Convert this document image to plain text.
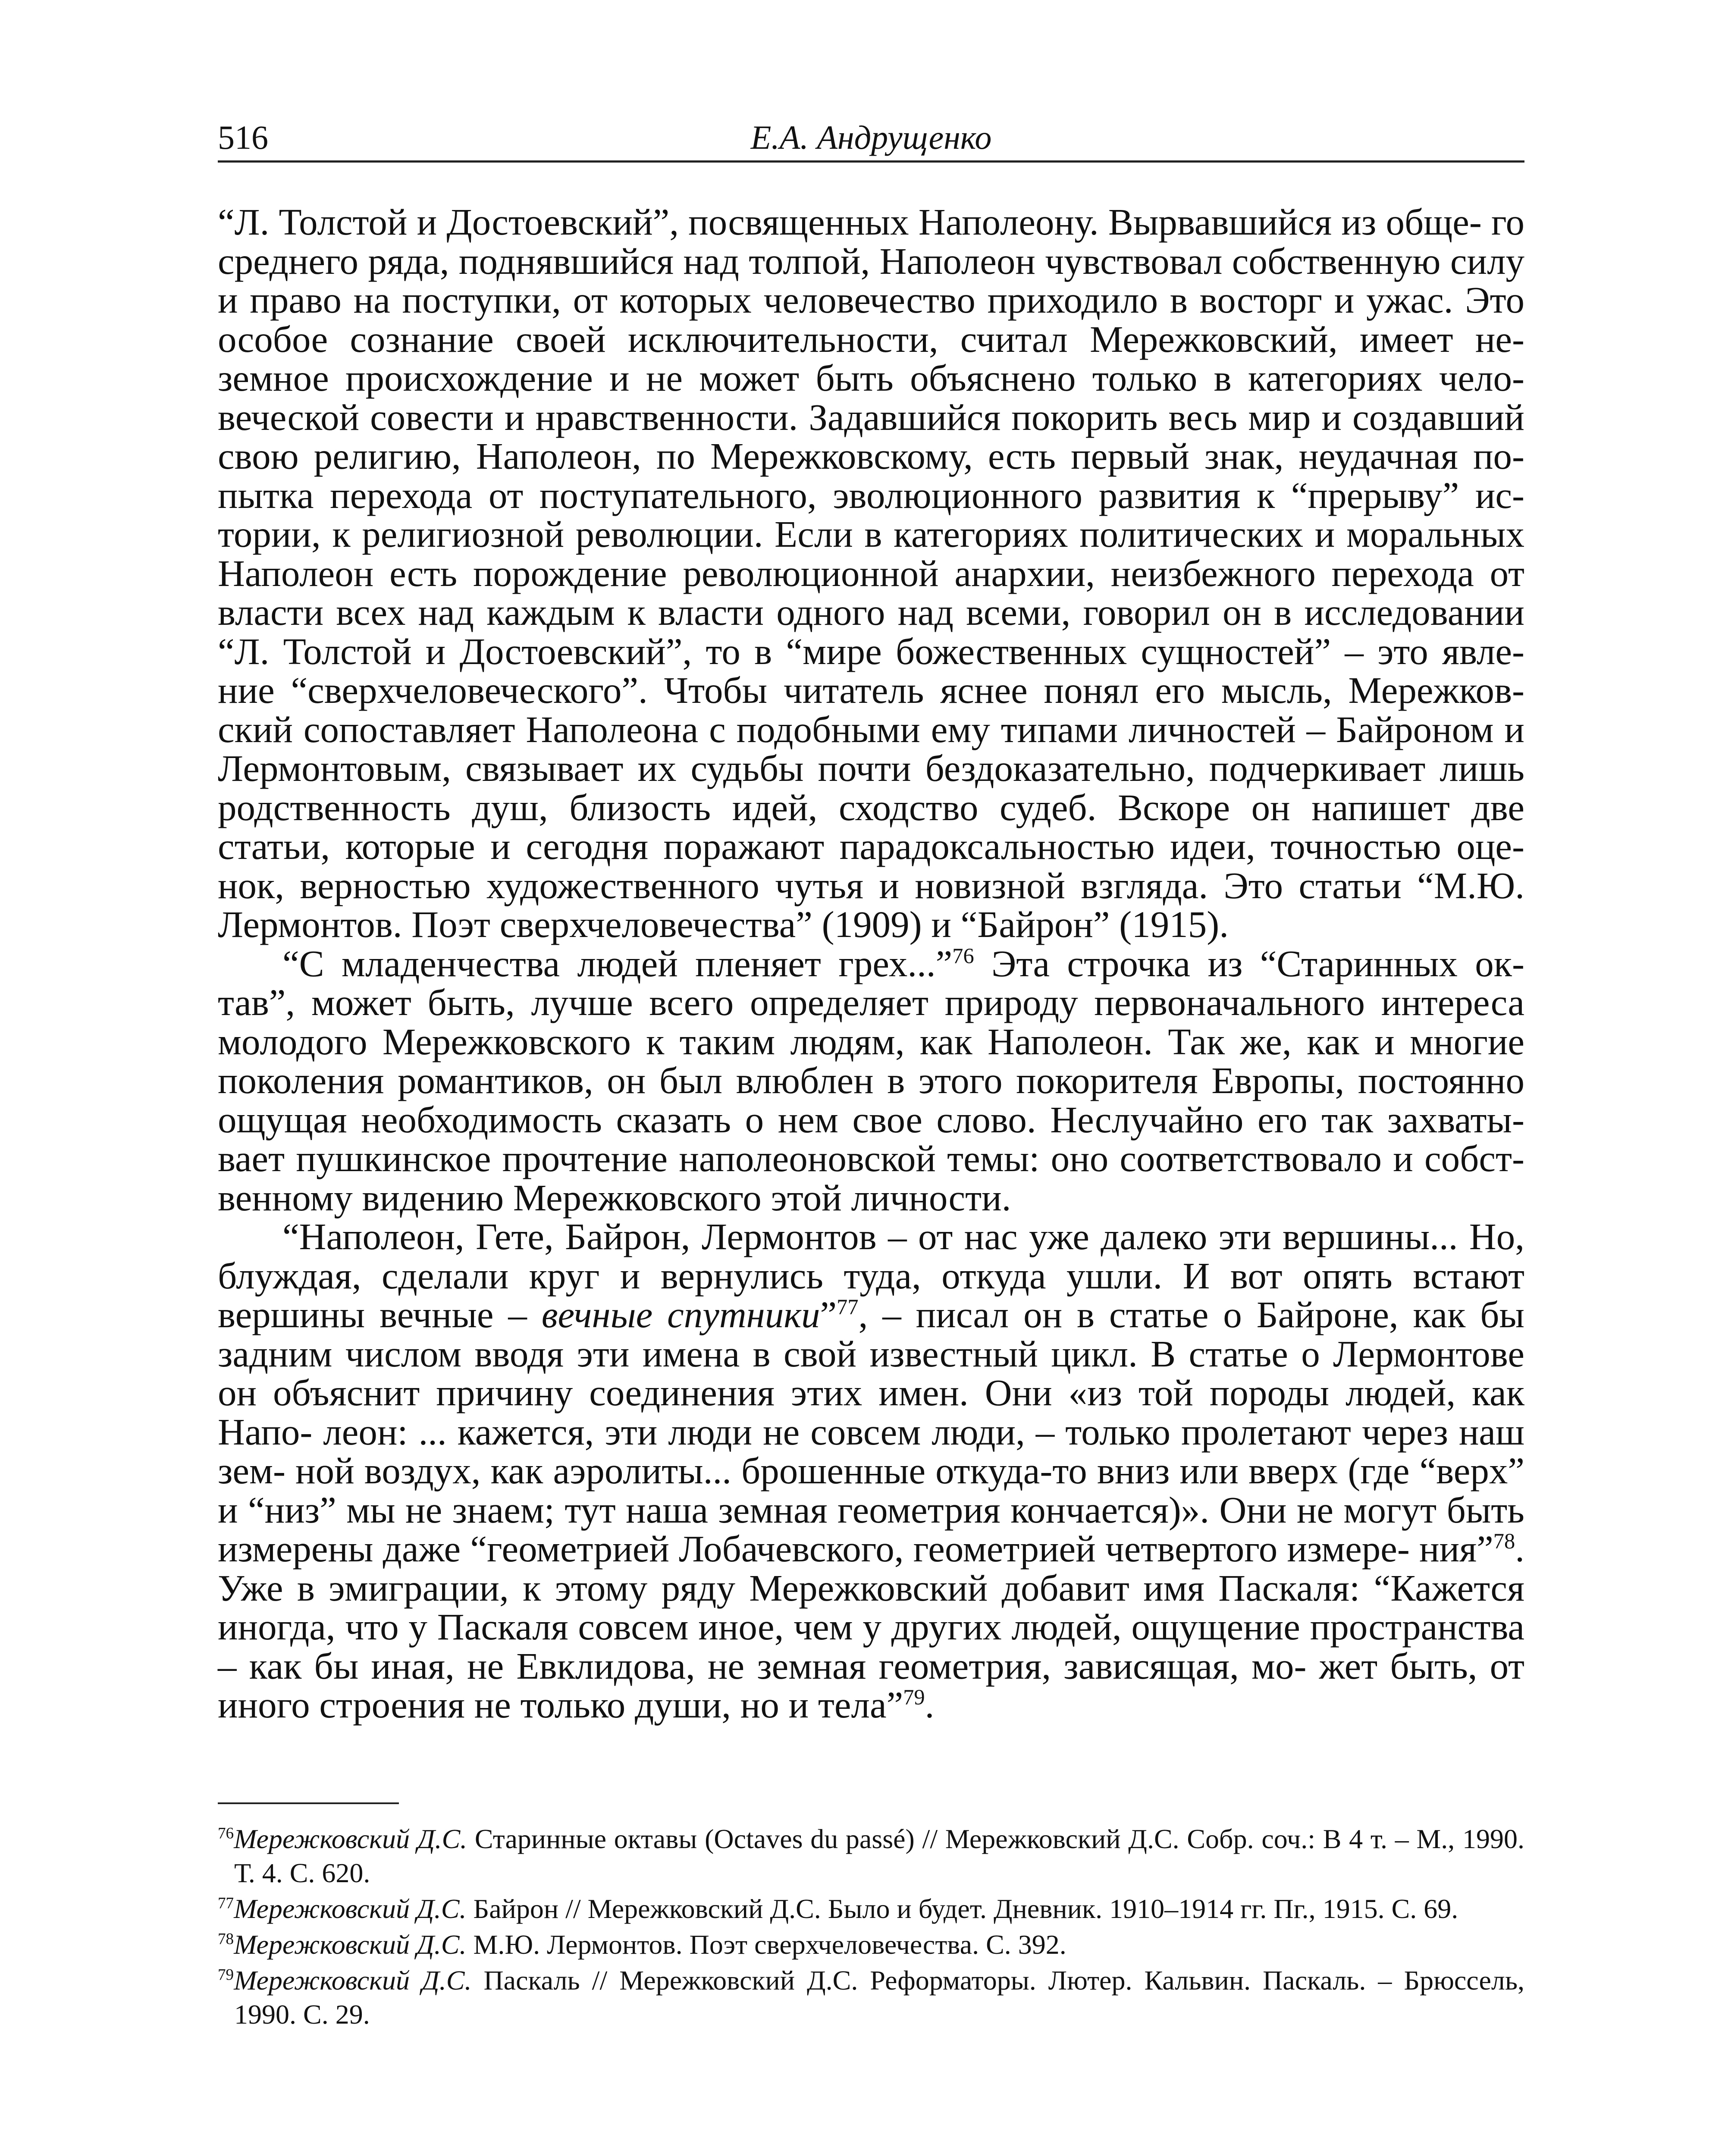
516	Е.А. Андрущенко

“Л. Толстой и Достоевский”, посвященных Наполеону. Вырвавшийся из обще- го среднего ряда, поднявшийся над толпой, Наполеон чувствовал собственную силу и право на поступки, от которых человечество приходило в восторг и ужас. Это особое сознание своей исключительности, считал Мережковский, имеет не- земное происхождение и не может быть объяснено только в категориях чело- веческой совести и нравственности. Задавшийся покорить весь мир и создавший свою религию, Наполеон, по Мережковскому, есть первый знак, неудачная по- пытка перехода от поступательного, эволюционного развития к “прерыву” ис- тории, к религиозной революции. Если в категориях политических и моральных Наполеон есть порождение революционной анархии, неизбежного перехода от власти всех над каждым к власти одного над всеми, говорил он в исследовании “Л. Толстой и Достоевский”, то в “мире божественных сущностей” – это явле- ние “сверхчеловеческого”. Чтобы читатель яснее понял его мысль, Мережков- ский сопоставляет Наполеона с подобными ему типами личностей – Байроном и Лермонтовым, связывает их судьбы почти бездоказательно, подчеркивает лишь родственность душ, близость идей, сходство судеб. Вскоре он напишет две статьи, которые и сегодня поражают парадоксальностью идеи, точностью оце- нок, верностью художественного чутья и новизной взгляда. Это статьи “М.Ю. Лермонтов. Поэт сверхчеловечества” (1909) и “Байрон” (1915).

“С младенчества людей пленяет грех...”$^{76}$ Эта строчка из “Старинных ок- тав”, может быть, лучше всего определяет природу первоначального интереса молодого Мережковского к таким людям, как Наполеон. Так же, как и многие поколения романтиков, он был влюблен в этого покорителя Европы, постоянно ощущая необходимость сказать о нем свое слово. Неслучайно его так захваты- вает пушкинское прочтение наполеоновской темы: оно соответствовало и собст- венному видению Мережковского этой личности.

“Наполеон, Гете, Байрон, Лермонтов – от нас уже далеко эти вершины... Но, блуждая, сделали круг и вернулись туда, откуда ушли. И вот опять встают вершины вечные – вечные спутники”$^{77}$, – писал он в статье о Байроне, как бы задним числом вводя эти имена в свой известный цикл. В статье о Лермонтове он объяснит причину соединения этих имен. Они «из той породы людей, как Напо- леон: ... кажется, эти люди не совсем люди, – только пролетают через наш зем- ной воздух, как аэролиты... брошенные откуда-то вниз или вверх (где “верх” и “низ” мы не знаем; тут наша земная геометрия кончается)». Они не могут быть измерены даже “геометрией Лобачевского, геометрией четвертого измере- ния”$^{78}$. Уже в эмиграции, к этому ряду Мережковский добавит имя Паскаля: “Кажется иногда, что у Паскаля совсем иное, чем у других людей, ощущение пространства – как бы иная, не Евклидова, не земная геометрия, зависящая, мо- жет быть, от иного строения не только души, но и тела”$^{79}$.

$^{76}$Мережковский Д.С. Старинные октавы (Octaves du passé) // Мережковский Д.С. Собр. соч.: В 4 т. – М., 1990. Т. 4. С. 620.

$^{77}$Мережковский Д.С. Байрон // Мережковский Д.С. Было и будет. Дневник. 1910–1914 гг. Пг., 1915. С. 69.

$^{78}$Мережковский Д.С. М.Ю. Лермонтов. Поэт сверхчеловечества. С. 392.

$^{79}$Мережковский Д.С. Паскаль // Мережковский Д.С. Реформаторы. Лютер. Кальвин. Паскаль. – Брюссель, 1990. С. 29.
